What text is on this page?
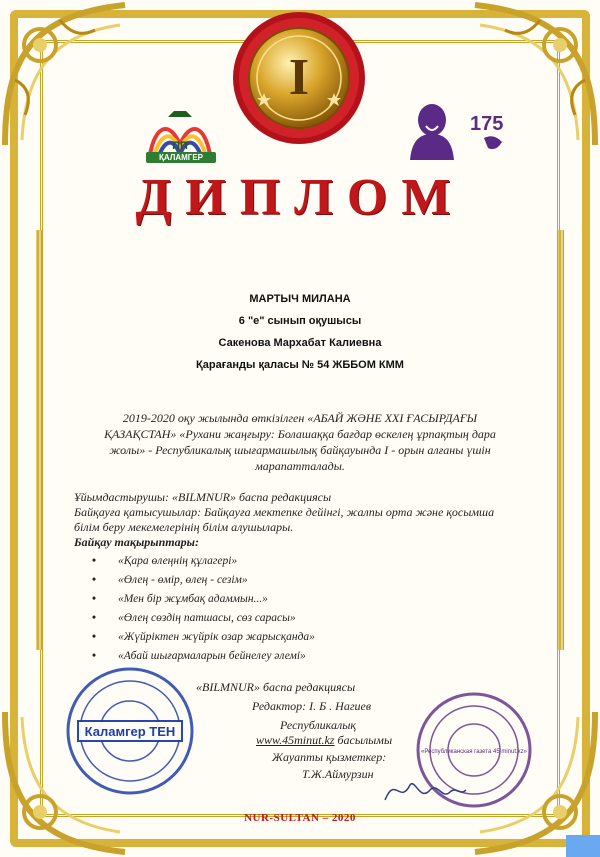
I
ПП
ҚАЛАМГЕР
175
ДИПЛОМ
МАРТЫЧ МИЛАНА
6 "е" сынып оқушысы
Сакенова Мархабат Калиевна
Қарағанды қаласы № 54 ЖББОМ КММ
2019-2020 оқу жылында өткізілген «АБАЙ ЖӘНЕ XXI ҒАСЫРДАҒЫ ҚАЗАҚСТАН» «Рухани жаңғыру: Болашаққа бағдар өскелең ұрпақтың дара жолы» - Республикалық шығармашылық байқауында І - орын алғаны үшін марапатталады.
Ұйымдастырушы: «BILMNUR» баспа редакциясы
Байқауға қатысушылар: Байқауға мектепке дейінгі, жалпы орта және қосымша білім беру мекемелерінің білім алушылары.
Байқау тақырыптары:
• «Қара өлеңнің құлагері»
• «Өлең - өмір, өлең - сезім»
• «Мен бір жұмбақ адаммын...»
• «Өлең сөздің патшасы, сөз сарасы»
• «Жүйріктен жүйрік озар жарысқанда»
• «Абай шығармаларын бейнелеу әлемі»
«BILMNUR» баспа редакциясы
Редактор: І. Б . Нагиев
Республикалық
www.45minut.kz басылымы
Жауапты қызметкер:
Т.Ж.Аймурзин
Каламгер ТЕН
«Республиканская газета 45 minut.kz»
NUR-SULTAN – 2020
